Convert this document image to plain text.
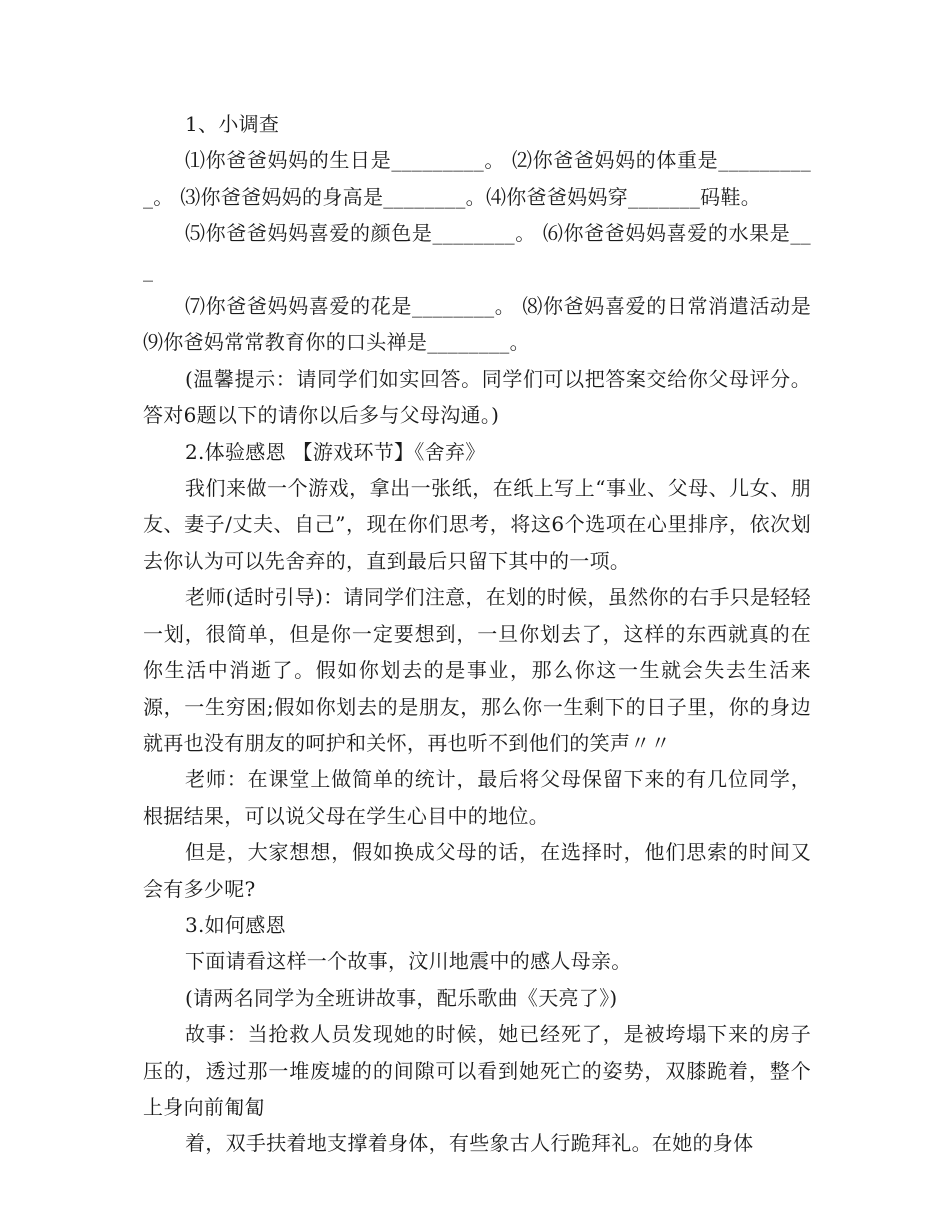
1、小调查

⑴你爸爸妈妈的生日是_________。 ⑵你爸爸妈妈的体重是__________。 ⑶你爸爸妈妈的身高是________。⑷你爸爸妈妈穿_______码鞋。

⑸你爸爸妈妈喜爱的颜色是________。 ⑹你爸爸妈妈喜爱的水果是___

⑺你爸爸妈妈喜爱的花是________。 ⑻你爸妈喜爱的日常消遣活动是 ⑼你爸妈常常教育你的口头禅是________。

(温馨提示：请同学们如实回答。同学们可以把答案交给你父母评分。答对6题以下的请你以后多与父母沟通。)

2.体验感恩 【游戏环节】《舍弃》

我们来做一个游戏，拿出一张纸，在纸上写上“事业、父母、儿女、朋友、妻子/丈夫、自己”，现在你们思考，将这6个选项在心里排序，依次划去你认为可以先舍弃的，直到最后只留下其中的一项。

老师(适时引导)：请同学们注意，在划的时候，虽然你的右手只是轻轻一划，很简单，但是你一定要想到，一旦你划去了，这样的东西就真的在你生活中消逝了。假如你划去的是事业，那么你这一生就会失去生活来源，一生穷困;假如你划去的是朋友，那么你一生剩下的日子里，你的身边就再也没有朋友的呵护和关怀，再也听不到他们的笑声〃〃

老师：在课堂上做简单的统计，最后将父母保留下来的有几位同学，根据结果，可以说父母在学生心目中的地位。

但是，大家想想，假如换成父母的话，在选择时，他们思索的时间又会有多少呢?

3.如何感恩

下面请看这样一个故事，汶川地震中的感人母亲。

(请两名同学为全班讲故事，配乐歌曲《天亮了》)

故事：当抢救人员发现她的时候，她已经死了，是被垮塌下来的房子压的，透过那一堆废墟的的间隙可以看到她死亡的姿势，双膝跪着，整个上身向前匍匐

着，双手扶着地支撑着身体，有些象古人行跪拜礼。在她的身体
